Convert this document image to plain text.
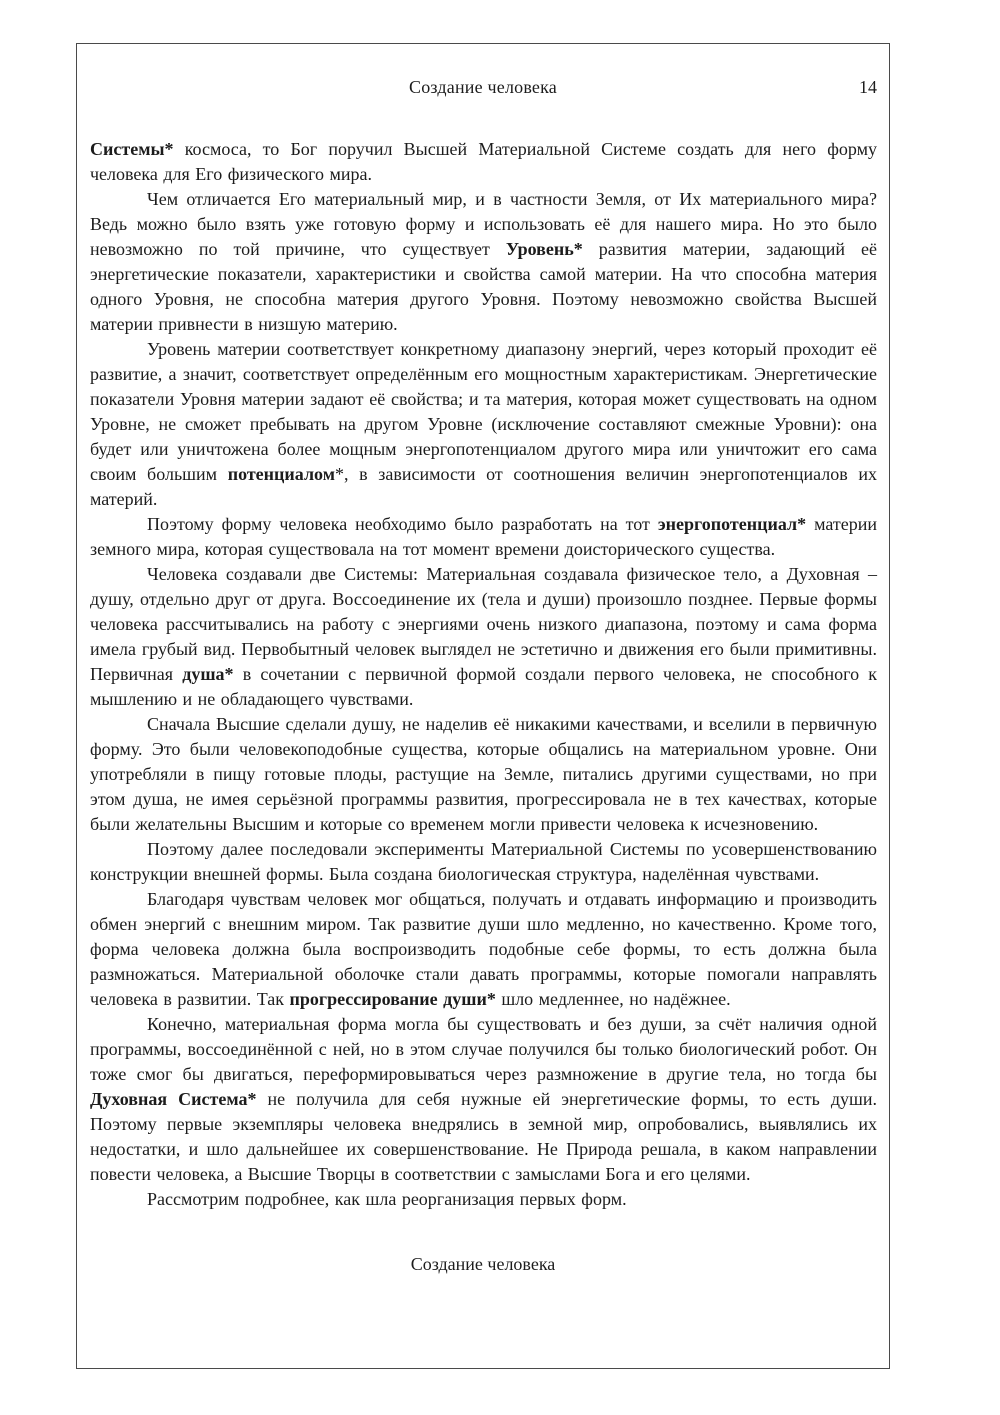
Создание человека	14

Системы* космоса, то Бог поручил Высшей Материальной Системе создать для него форму человека для Его физического мира.

Чем отличается Его материальный мир, и в частности Земля, от Их материального мира? Ведь можно было взять уже готовую форму и использовать её для нашего мира. Но это было невозможно по той причине, что существует Уровень* развития материи, задающий её энергетические показатели, характеристики и свойства самой материи. На что способна материя одного Уровня, не способна материя другого Уровня. Поэтому невозможно свойства Высшей материи привнести в низшую материю.

Уровень материи соответствует конкретному диапазону энергий, через который проходит её развитие, а значит, соответствует определённым его мощностным характеристикам. Энергетические показатели Уровня материи задают её свойства; и та материя, которая может существовать на одном Уровне, не сможет пребывать на другом Уровне (исключение составляют смежные Уровни): она будет или уничтожена более мощным энергопотенциалом другого мира или уничтожит его сама своим большим потенциалом*, в зависимости от соотношения величин энергопотенциалов их материй.

Поэтому форму человека необходимо было разработать на тот энергопотенциал* материи земного мира, которая существовала на тот момент времени доисторического существа.

Человека создавали две Системы: Материальная создавала физическое тело, а Духовная – душу, отдельно друг от друга. Воссоединение их (тела и души) произошло позднее. Первые формы человека рассчитывались на работу с энергиями очень низкого диапазона, поэтому и сама форма имела грубый вид. Первобытный человек выглядел не эстетично и движения его были примитивны. Первичная душа* в сочетании с первичной формой создали первого человека, не способного к мышлению и не обладающего чувствами.

Сначала Высшие сделали душу, не наделив её никакими качествами, и вселили в первичную форму. Это были человекоподобные существа, которые общались на материальном уровне. Они употребляли в пищу готовые плоды, растущие на Земле, питались другими существами, но при этом душа, не имея серьёзной программы развития, прогрессировала не в тех качествах, которые были желательны Высшим и которые со временем могли привести человека к исчезновению.

Поэтому далее последовали эксперименты Материальной Системы по усовершенствованию конструкции внешней формы. Была создана биологическая структура, наделённая чувствами.

Благодаря чувствам человек мог общаться, получать и отдавать информацию и производить обмен энергий с внешним миром. Так развитие души шло медленно, но качественно. Кроме того, форма человека должна была воспроизводить подобные себе формы, то есть должна была размножаться. Материальной оболочке стали давать программы, которые помогали направлять человека в развитии. Так прогрессирование души* шло медленнее, но надёжнее.

Конечно, материальная форма могла бы существовать и без души, за счёт наличия одной программы, воссоединённой с ней, но в этом случае получился бы только биологический робот. Он тоже смог бы двигаться, переформировываться через размножение в другие тела, но тогда бы Духовная Система* не получила для себя нужные ей энергетические формы, то есть души. Поэтому первые экземпляры человека внедрялись в земной мир, опробовались, выявлялись их недостатки, и шло дальнейшее их совершенствование. Не Природа решала, в каком направлении повести человека, а Высшие Творцы в соответствии с замыслами Бога и его целями.

Рассмотрим подробнее, как шла реорганизация первых форм.

Создание человека
